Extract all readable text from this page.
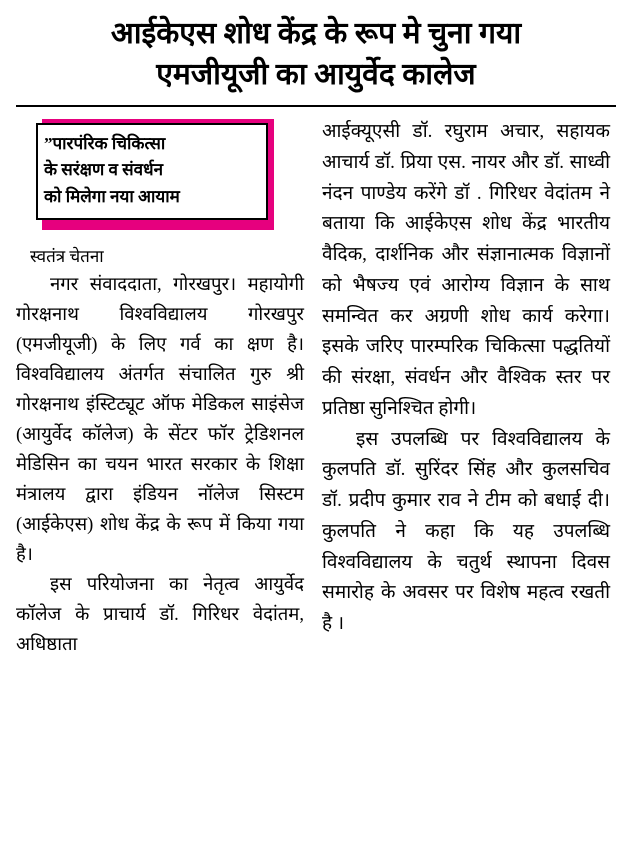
आईकेएस शोध केंद्र के रूप मे चुना गया
एमजीयूजी का आयुर्वेद कालेज
” पारपंरिक चिकित्सा
के सरंक्षण व संवर्धन
को मिलेगा नया आयाम
स्वतंत्र चेतना

नगर संवाददाता, गोरखपुर। महायोगी गोरक्षनाथ विश्वविद्यालय गोरखपुर (एमजीयूजी) के लिए गर्व का क्षण है। विश्वविद्यालय अंतर्गत संचालित गुरु श्री गोरक्षनाथ इंस्टिट्यूट ऑफ मेडिकल साइंसेज (आयुर्वेद कॉलेज) के सेंटर फॉर ट्रेडिशनल मेडिसिन का चयन भारत सरकार के शिक्षा मंत्रालय द्वारा इंडियन नॉलेज सिस्टम (आईकेएस) शोध केंद्र के रूप में किया गया है।

इस परियोजना का नेतृत्व आयुर्वेद कॉलेज के प्राचार्य डॉ. गिरिधर वेदांतम, अधिष्ठाता

आईक्यूएसी डॉ. रघुराम अचार, सहायक आचार्य डॉ. प्रिया एस. नायर और डॉ. साध्वी नंदन पाण्डेय करेंगे डॉ . गिरिधर वेदांतम ने बताया कि आईकेएस शोध केंद्र भारतीय वैदिक, दार्शनिक और संज्ञानात्मक विज्ञानों को भैषज्य एवं आरोग्य विज्ञान के साथ समन्वित कर अग्रणी शोध कार्य करेगा। इसके जरिए पारम्परिक चिकित्सा पद्धतियों की संरक्षा, संवर्धन और वैश्विक स्तर पर प्रतिष्ठा सुनिश्चित होगी।

इस उपलब्धि पर विश्वविद्यालय के कुलपति डॉ. सुरिंदर सिंह और कुलसचिव डॉ. प्रदीप कुमार राव ने टीम को बधाई दी। कुलपति ने कहा कि यह उपलब्धि विश्वविद्यालय के चतुर्थ स्थापना दिवस समारोह के अवसर पर विशेष महत्व रखती है ।
